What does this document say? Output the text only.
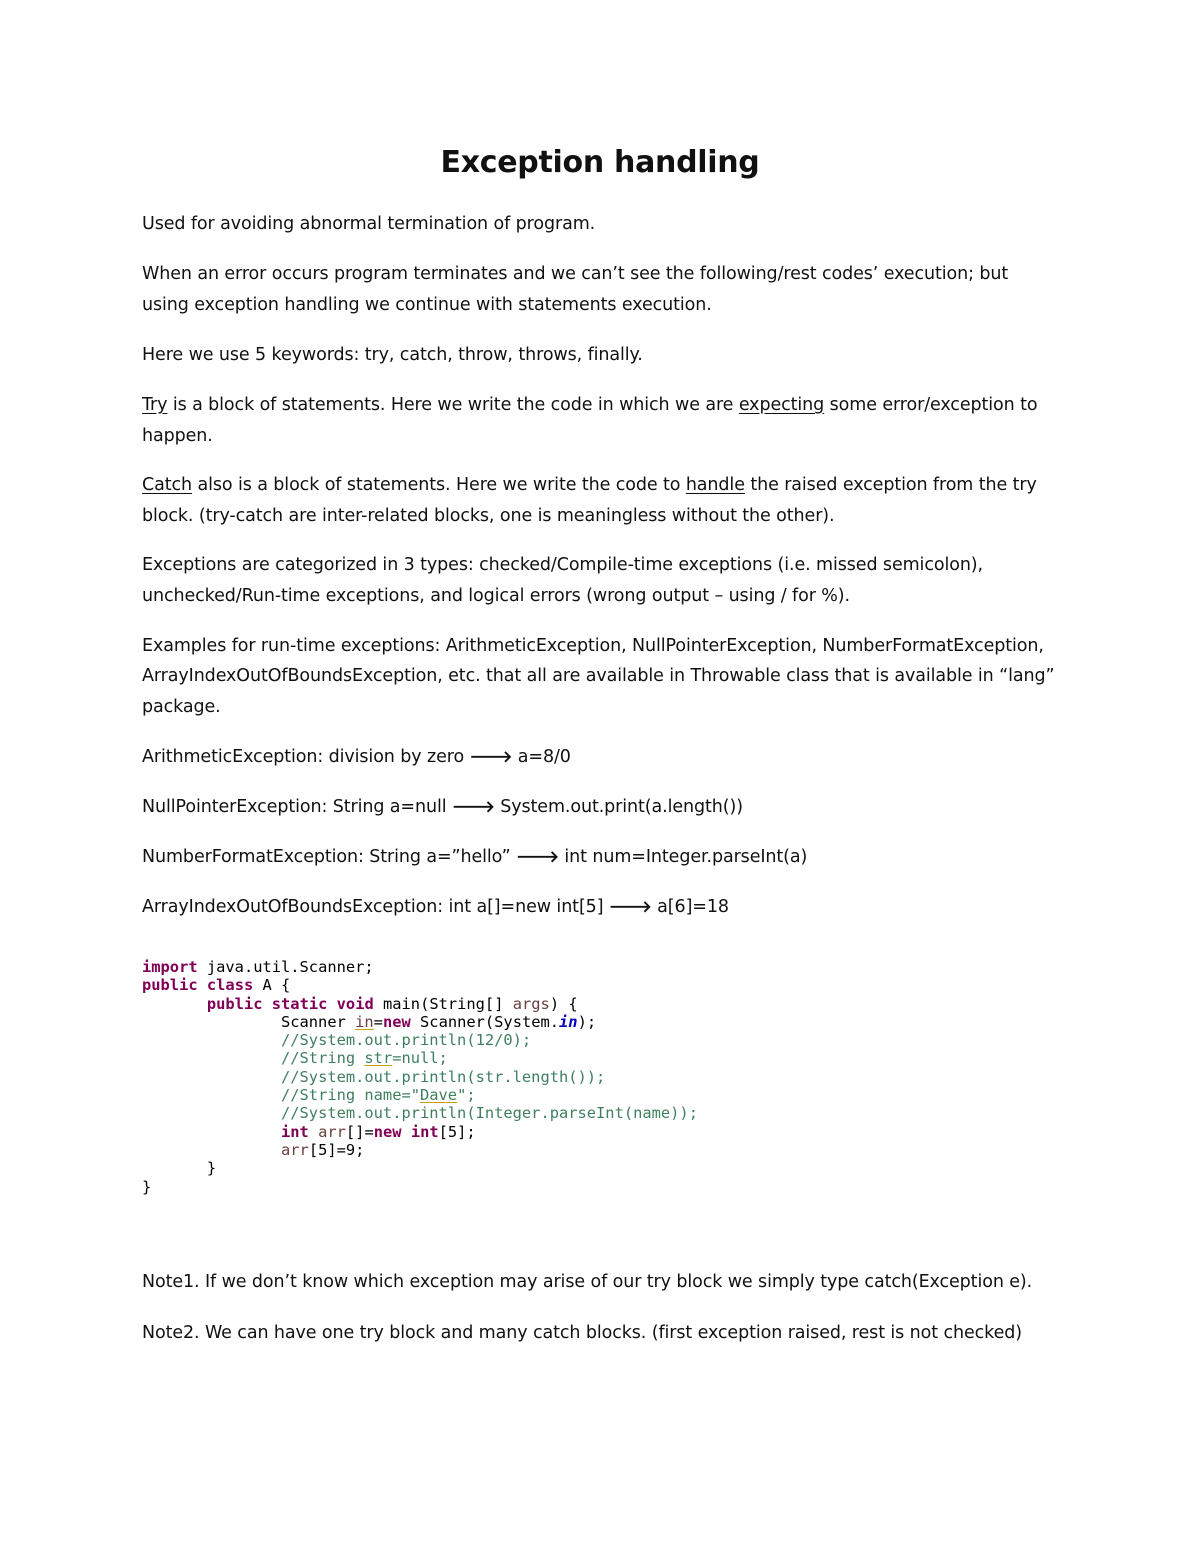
Exception handling
Used for avoiding abnormal termination of program.
When an error occurs program terminates and we can’t see the following/rest codes’ execution; but
using exception handling we continue with statements execution.
Here we use 5 keywords: try, catch, throw, throws, finally.
Try is a block of statements. Here we write the code in which we are expecting some error/exception to
happen.
Catch also is a block of statements. Here we write the code to handle the raised exception from the try
block. (try-catch are inter-related blocks, one is meaningless without the other).
Exceptions are categorized in 3 types: checked/Compile-time exceptions (i.e. missed semicolon),
unchecked/Run-time exceptions, and logical errors (wrong output – using / for %).
Examples for run-time exceptions: ArithmeticException, NullPointerException, NumberFormatException,
ArrayIndexOutOfBoundsException, etc. that all are available in Throwable class that is available in “lang”
package.
ArithmeticException: division by zero 🡒 a=8/0
NullPointerException: String a=null 🡒 System.out.print(a.length())
NumberFormatException: String a=”hello” 🡒 int num=Integer.parseInt(a)
ArrayIndexOutOfBoundsException: int a[]=new int[5] 🡒 a[6]=18
import java.util.Scanner;
public class A {
public static void main(String[] args) {
Scanner in=new Scanner(System.in);
//System.out.println(12/0);
//String str=null;
//System.out.println(str.length());
//String name="Dave";
//System.out.println(Integer.parseInt(name));
int arr[]=new int[5];
arr[5]=9;
}
}
Note1. If we don’t know which exception may arise of our try block we simply type catch(Exception e).
Note2. We can have one try block and many catch blocks. (first exception raised, rest is not checked)
